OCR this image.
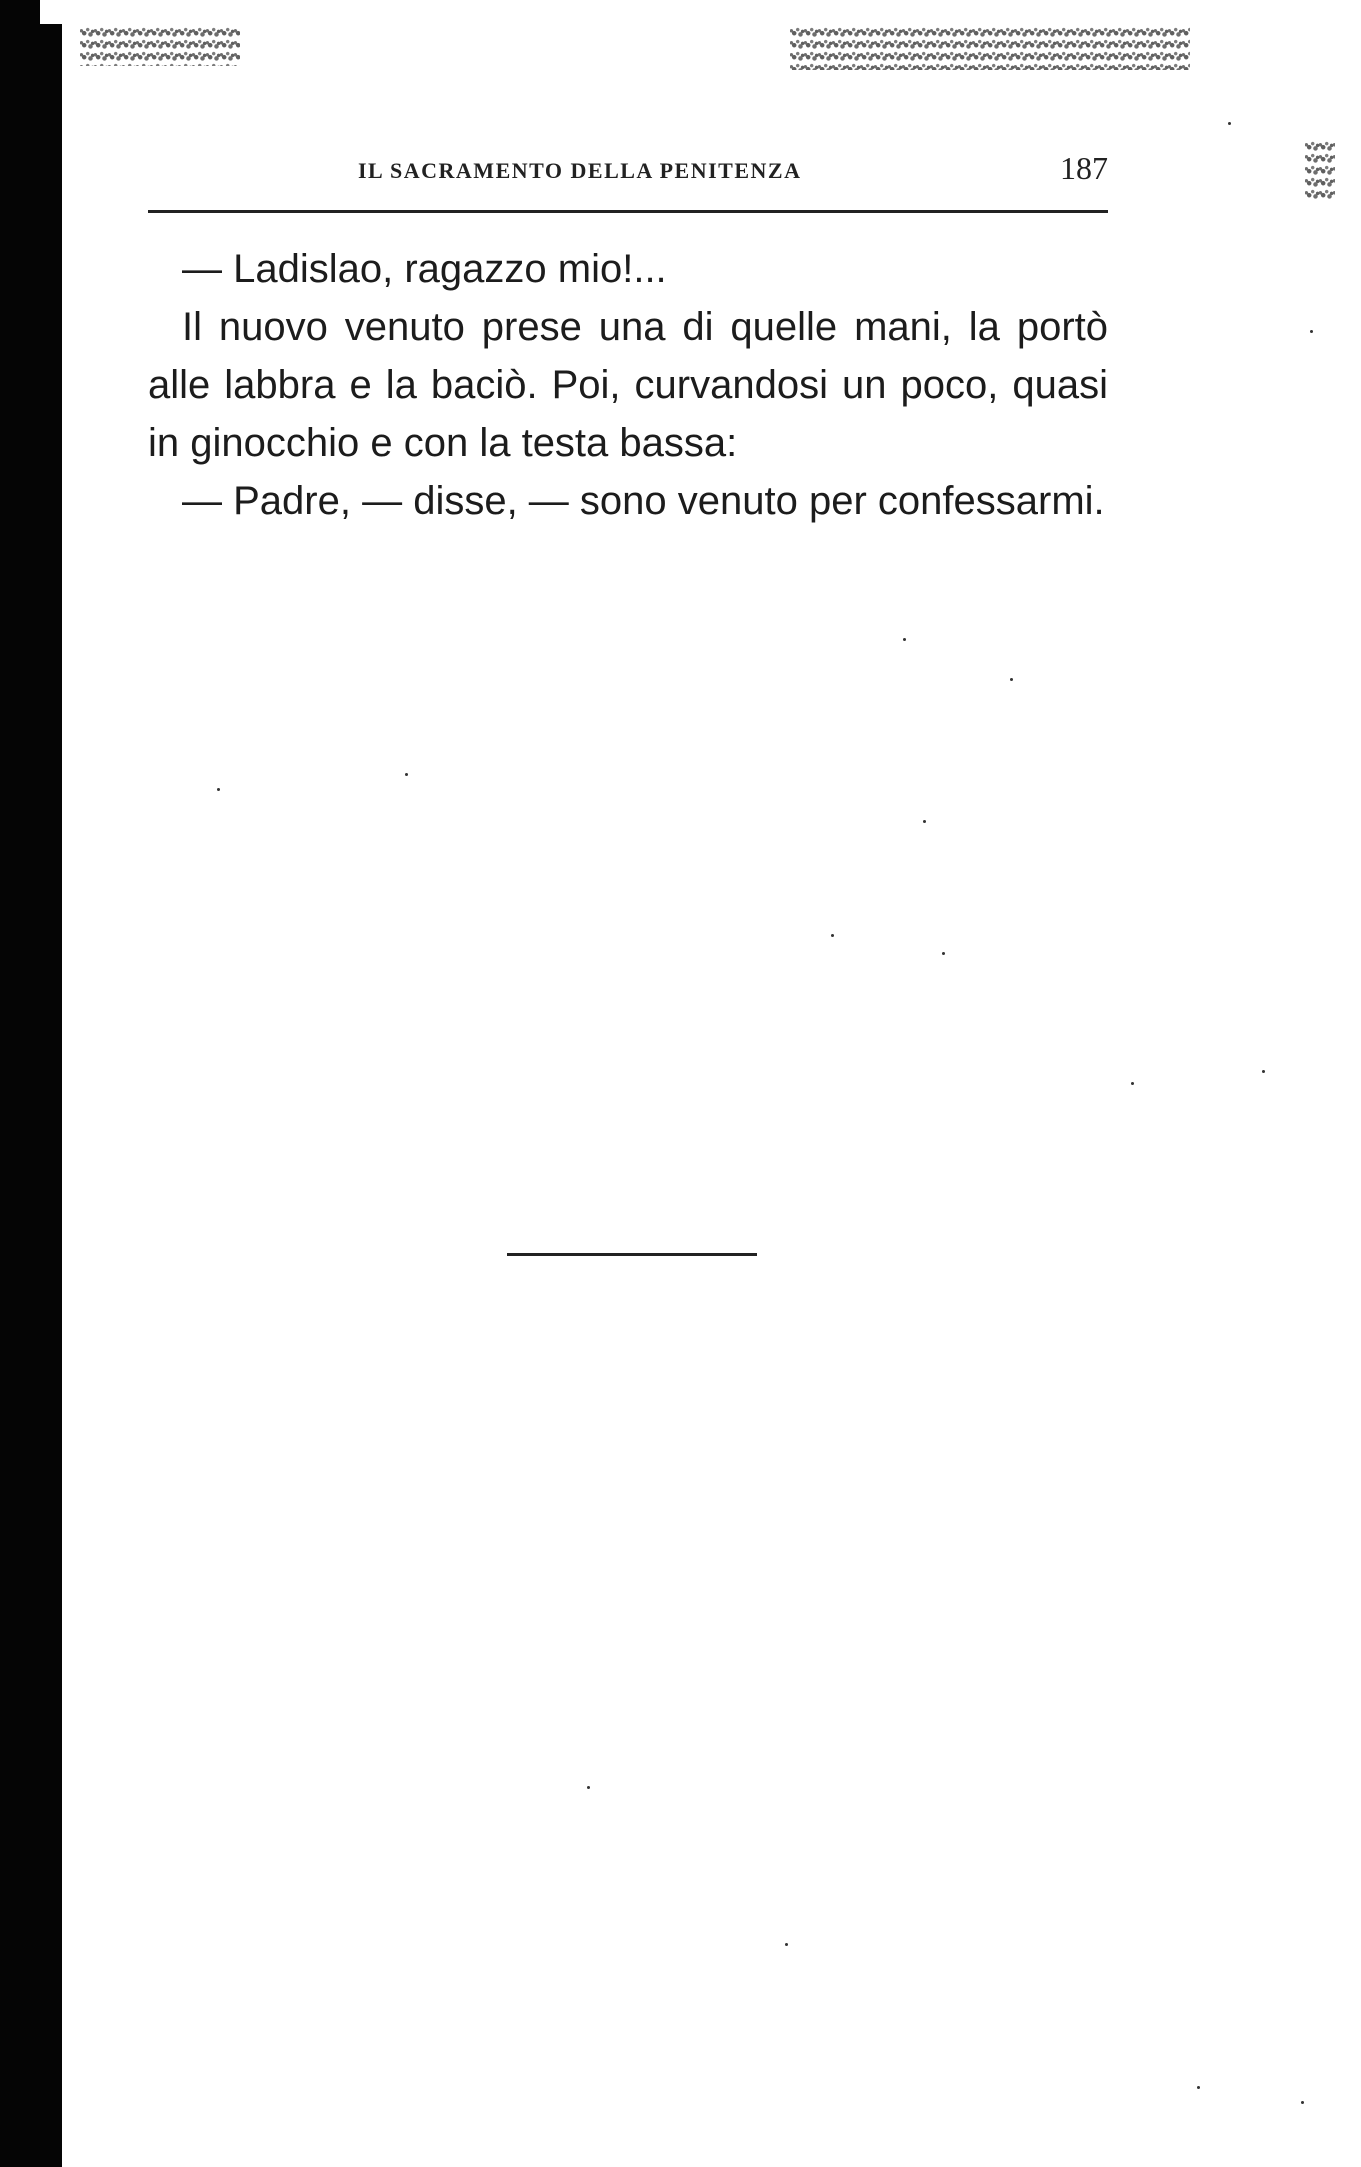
IL SACRAMENTO DELLA PENITENZA	187

— Ladislao, ragazzo mio!...

Il nuovo venuto prese una di quelle mani, la portò alle labbra e la baciò. Poi, curvandosi un poco, quasi in ginocchio e con la testa bassa:

— Padre, — disse, — sono venuto per confessarmi.
